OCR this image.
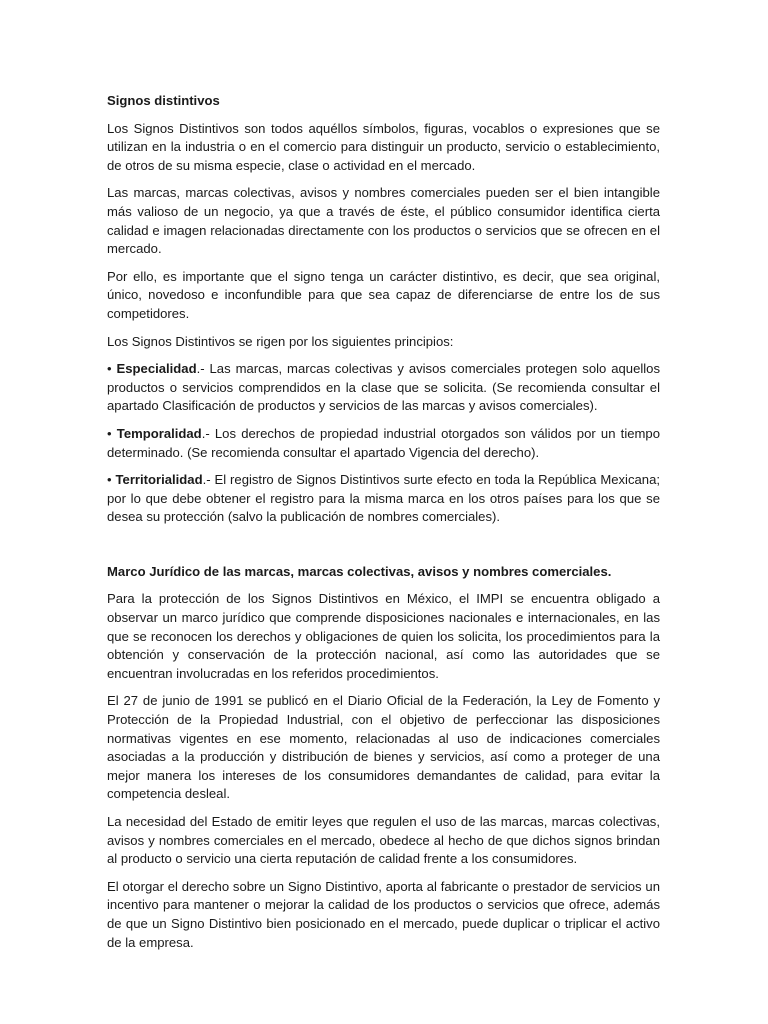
Signos distintivos

Los Signos Distintivos son todos aquéllos símbolos, figuras, vocablos o expresiones que se utilizan en la industria o en el comercio para distinguir un producto, servicio o establecimiento, de otros de su misma especie, clase o actividad en el mercado.

Las marcas, marcas colectivas, avisos y nombres comerciales pueden ser el bien intangible más valioso de un negocio, ya que a través de éste, el público consumidor identifica cierta calidad e imagen relacionadas directamente con los productos o servicios que se ofrecen en el mercado.

Por ello, es importante que el signo tenga un carácter distintivo, es decir, que sea original, único, novedoso e inconfundible para que sea capaz de diferenciarse de entre los de sus competidores.

Los Signos Distintivos se rigen por los siguientes principios:

• Especialidad.- Las marcas, marcas colectivas y avisos comerciales protegen solo aquellos productos o servicios comprendidos en la clase que se solicita. (Se recomienda consultar el apartado Clasificación de productos y servicios de las marcas y avisos comerciales).

• Temporalidad.- Los derechos de propiedad industrial otorgados son válidos por un tiempo determinado. (Se recomienda consultar el apartado Vigencia del derecho).

• Territorialidad.- El registro de Signos Distintivos surte efecto en toda la República Mexicana; por lo que debe obtener el registro para la misma marca en los otros países para los que se desea su protección (salvo la publicación de nombres comerciales).

Marco Jurídico de las marcas, marcas colectivas, avisos y nombres comerciales.

Para la protección de los Signos Distintivos en México, el IMPI se encuentra obligado a observar un marco jurídico que comprende disposiciones nacionales e internacionales, en las que se reconocen los derechos y obligaciones de quien los solicita, los procedimientos para la obtención y conservación de la protección nacional, así como las autoridades que se encuentran involucradas en los referidos procedimientos.

El 27 de junio de 1991 se publicó en el Diario Oficial de la Federación, la Ley de Fomento y Protección de la Propiedad Industrial, con el objetivo de perfeccionar las disposiciones normativas vigentes en ese momento, relacionadas al uso de indicaciones comerciales asociadas a la producción y distribución de bienes y servicios, así como a proteger de una mejor manera los intereses de los consumidores demandantes de calidad, para evitar la competencia desleal.

La necesidad del Estado de emitir leyes que regulen el uso de las marcas, marcas colectivas, avisos y nombres comerciales en el mercado, obedece al hecho de que dichos signos brindan al producto o servicio una cierta reputación de calidad frente a los consumidores.

El otorgar el derecho sobre un Signo Distintivo, aporta al fabricante o prestador de servicios un incentivo para mantener o mejorar la calidad de los productos o servicios que ofrece, además de que un Signo Distintivo bien posicionado en el mercado, puede duplicar o triplicar el activo de la empresa.
